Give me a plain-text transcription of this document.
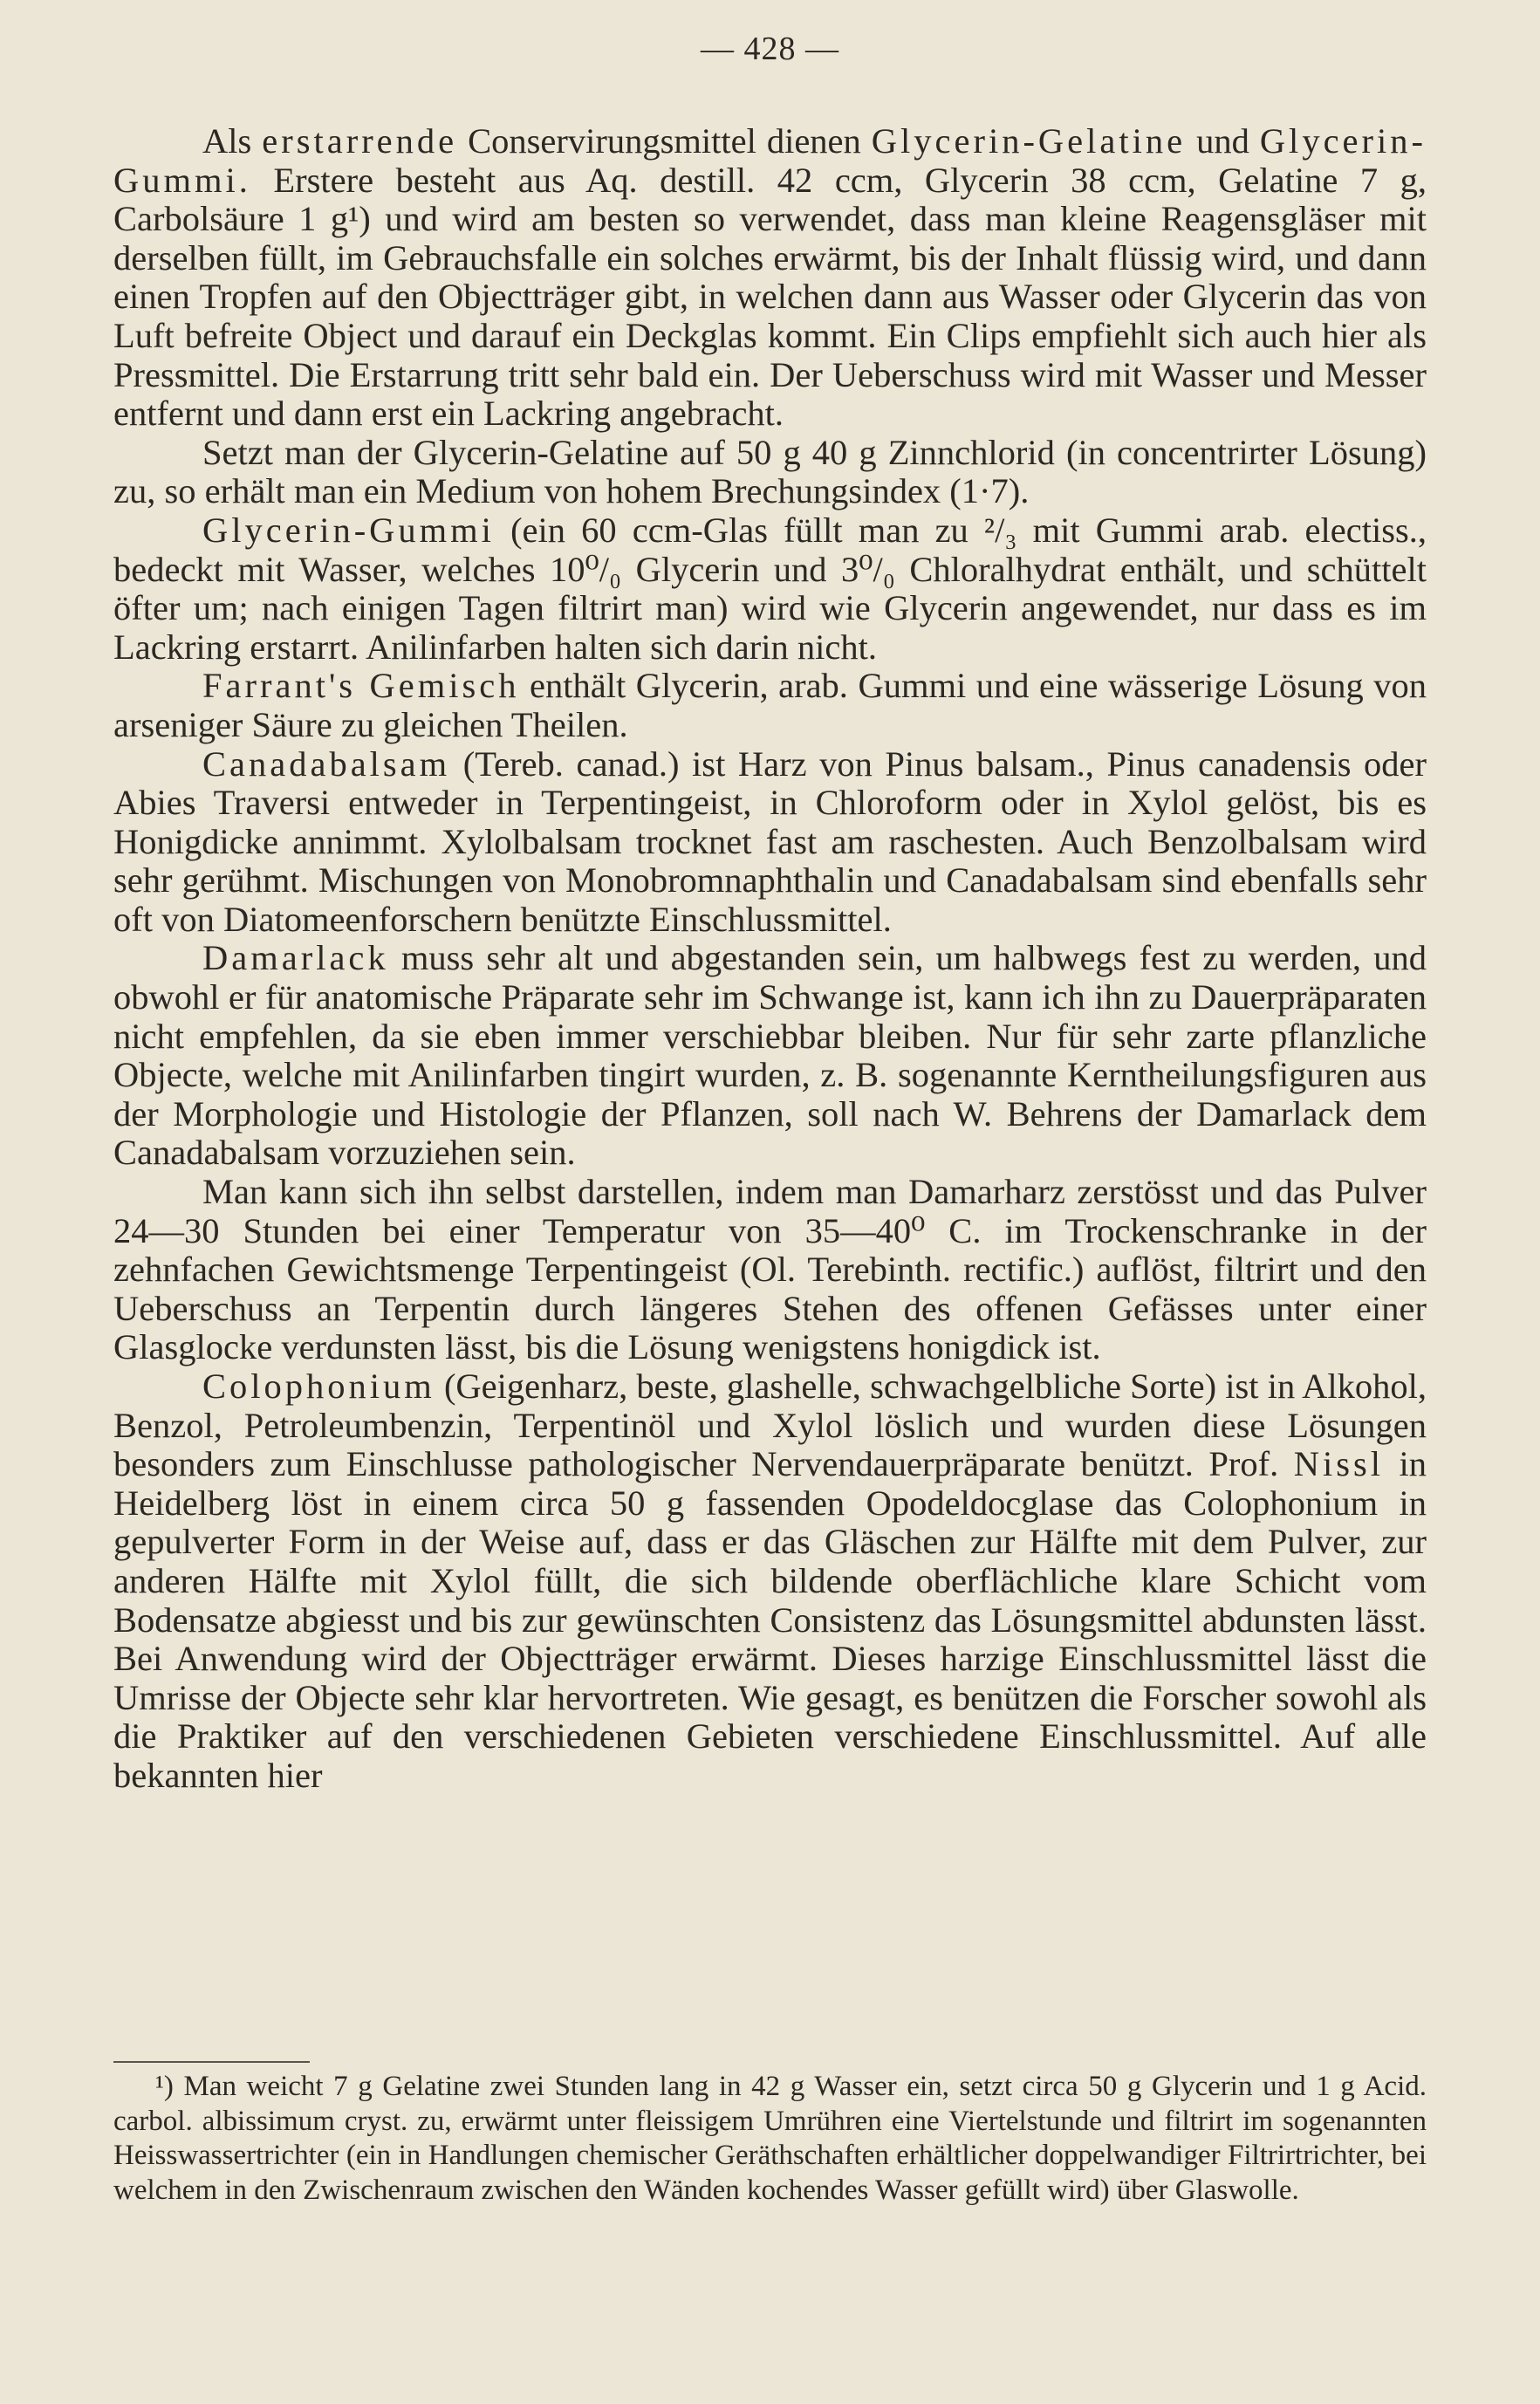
— 428 —

Als erstarrende Conservirungsmittel dienen Glycerin-Gelatine und Glycerin-Gummi. Erstere besteht aus Aq. destill. 42 ccm, Glycerin 38 ccm, Gelatine 7 g, Carbolsäure 1 g¹) und wird am besten so verwendet, dass man kleine Reagensgläser mit derselben füllt, im Gebrauchsfalle ein solches erwärmt, bis der Inhalt flüssig wird, und dann einen Tropfen auf den Objectträger gibt, in welchen dann aus Wasser oder Glycerin das von Luft befreite Object und darauf ein Deckglas kommt. Ein Clips empfiehlt sich auch hier als Pressmittel. Die Erstarrung tritt sehr bald ein. Der Ueberschuss wird mit Wasser und Messer entfernt und dann erst ein Lackring angebracht.

Setzt man der Glycerin-Gelatine auf 50 g 40 g Zinnchlorid (in concentrirter Lösung) zu, so erhält man ein Medium von hohem Brechungsindex (1·7).

Glycerin-Gummi (ein 60 ccm-Glas füllt man zu ²/₃ mit Gummi arab. electiss., bedeckt mit Wasser, welches 10⁰/₀ Glycerin und 3⁰/₀ Chloralhydrat enthält, und schüttelt öfter um; nach einigen Tagen filtrirt man) wird wie Glycerin angewendet, nur dass es im Lackring erstarrt. Anilinfarben halten sich darin nicht.

Farrant's Gemisch enthält Glycerin, arab. Gummi und eine wässerige Lösung von arseniger Säure zu gleichen Theilen.

Canadabalsam (Tereb. canad.) ist Harz von Pinus balsam., Pinus canadensis oder Abies Traversi entweder in Terpentingeist, in Chloroform oder in Xylol gelöst, bis es Honigdicke annimmt. Xylolbalsam trocknet fast am raschesten. Auch Benzolbalsam wird sehr gerühmt. Mischungen von Monobromnaphthalin und Canadabalsam sind ebenfalls sehr oft von Diatomeenforschern benützte Einschlussmittel.

Damarlack muss sehr alt und abgestanden sein, um halbwegs fest zu werden, und obwohl er für anatomische Präparate sehr im Schwange ist, kann ich ihn zu Dauerpräparaten nicht empfehlen, da sie eben immer verschiebbar bleiben. Nur für sehr zarte pflanzliche Objecte, welche mit Anilinfarben tingirt wurden, z. B. sogenannte Kerntheilungsfiguren aus der Morphologie und Histologie der Pflanzen, soll nach W. Behrens der Damarlack dem Canadabalsam vorzuziehen sein.

Man kann sich ihn selbst darstellen, indem man Damarharz zerstösst und das Pulver 24—30 Stunden bei einer Temperatur von 35—40⁰ C. im Trockenschranke in der zehnfachen Gewichtsmenge Terpentingeist (Ol. Terebinth. rectific.) auflöst, filtrirt und den Ueberschuss an Terpentin durch längeres Stehen des offenen Gefässes unter einer Glasglocke verdunsten lässt, bis die Lösung wenigstens honigdick ist.

Colophonium (Geigenharz, beste, glashelle, schwachgelbliche Sorte) ist in Alkohol, Benzol, Petroleumbenzin, Terpentinöl und Xylol löslich und wurden diese Lösungen besonders zum Einschlusse pathologischer Nervendauerpräparate benützt. Prof. Nissl in Heidelberg löst in einem circa 50 g fassenden Opodeldocglase das Colophonium in gepulverter Form in der Weise auf, dass er das Gläschen zur Hälfte mit dem Pulver, zur anderen Hälfte mit Xylol füllt, die sich bildende oberflächliche klare Schicht vom Bodensatze abgiesst und bis zur gewünschten Consistenz das Lösungsmittel abdunsten lässt. Bei Anwendung wird der Objectträger erwärmt. Dieses harzige Einschlussmittel lässt die Umrisse der Objecte sehr klar hervortreten. Wie gesagt, es benützen die Forscher sowohl als die Praktiker auf den verschiedenen Gebieten verschiedene Einschlussmittel. Auf alle bekannten hier

¹) Man weicht 7 g Gelatine zwei Stunden lang in 42 g Wasser ein, setzt circa 50 g Glycerin und 1 g Acid. carbol. albissimum cryst. zu, erwärmt unter fleissigem Umrühren eine Viertelstunde und filtrirt im sogenannten Heisswassertrichter (ein in Handlungen chemischer Geräthschaften erhältlicher doppelwandiger Filtrirtrichter, bei welchem in den Zwischenraum zwischen den Wänden kochendes Wasser gefüllt wird) über Glaswolle.
